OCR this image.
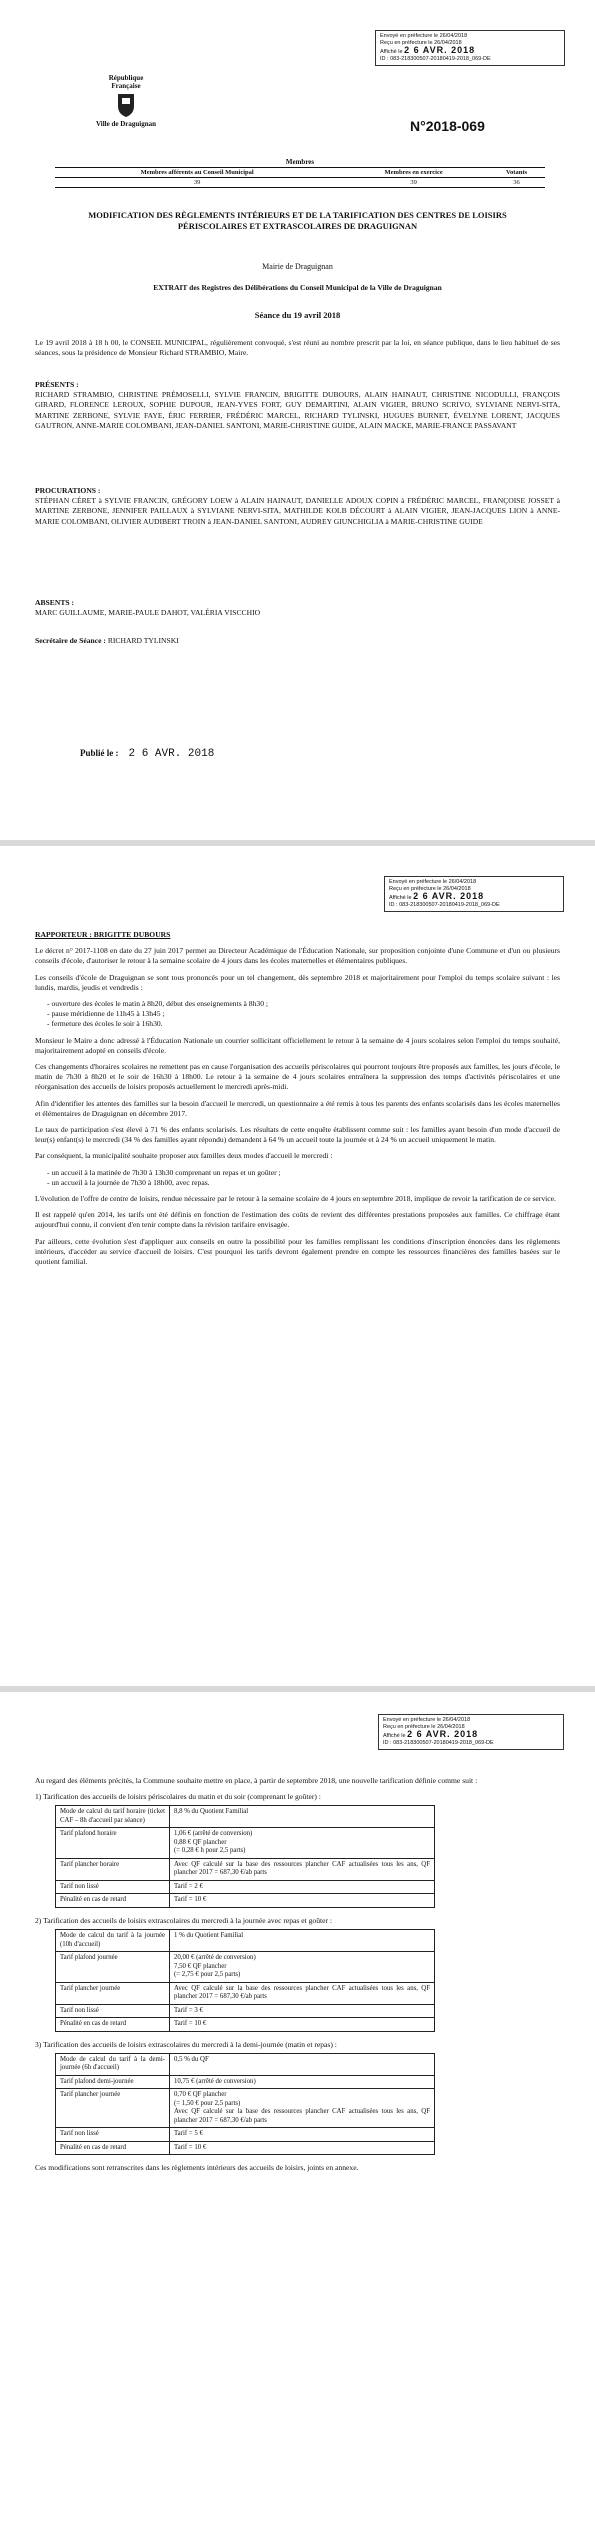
Envoyé en préfecture le 26/04/2018
Reçu en préfecture le 26/04/2018
Affiché le 2 6 AVR. 2018
ID : 083-218300507-20180419-2018_069-DE
République Française
Ville de Draguignan	N°2018-069
Membres
Membres afférents au Conseil Municipal	Membres en exercice	Votants
39	39	36
MODIFICATION DES RÈGLEMENTS INTÉRIEURS ET DE LA TARIFICATION DES CENTRES DE LOISIRS PÉRISCOLAIRES ET EXTRASCOLAIRES DE DRAGUIGNAN
Mairie de Draguignan
EXTRAIT des Registres des Délibérations du Conseil Municipal de la Ville de Draguignan
Séance du 19 avril 2018

Le 19 avril 2018 à 18 h 00, le CONSEIL MUNICIPAL, régulièrement convoqué, s'est réuni au nombre prescrit par la loi, en séance publique, dans le lieu habituel de ses séances, sous la présidence de Monsieur Richard STRAMBIO, Maire.

PRÉSENTS :

RICHARD STRAMBIO, CHRISTINE PRÉMOSELLI, SYLVIE FRANCIN, BRIGITTE DUBOURS, ALAIN HAINAUT, CHRISTINE NICODULLI, FRANÇOIS GIRARD, FLORENCE LEROUX, SOPHIE DUPOUR, JEAN-YVES FORT, GUY DEMARTINI, ALAIN VIGIER, BRUNO SCRIVO, SYLVIANE NERVI-SITA, MARTINE ZERBONE, SYLVIE FAYE, ÉRIC FERRIER, FRÉDÉRIC MARCEL, RICHARD TYLINSKI, HUGUES BURNET, ÉVELYNE LORENT, JACQUES GAUTRON, ANNE-MARIE COLOMBANI, JEAN-DANIEL SANTONI, MARIE-CHRISTINE GUIDE, ALAIN MACKE, MARIE-FRANCE PASSAVANT

PROCURATIONS :

STÉPHAN CÉRET à SYLVIE FRANCIN, GRÉGORY LOEW à ALAIN HAINAUT, DANIELLE ADOUX COPIN à FRÉDÉRIC MARCEL, FRANÇOISE JOSSET à MARTINE ZERBONE, JENNIFER PAILLAUX à SYLVIANE NERVI-SITA, MATHILDE KOLB DÉCOURT à ALAIN VIGIER, JEAN-JACQUES LION à ANNE-MARIE COLOMBANI, OLIVIER AUDIBERT TROIN à JEAN-DANIEL SANTONI, AUDREY GIUNCHIGLIA à MARIE-CHRISTINE GUIDE

ABSENTS :

MARC GUILLAUME, MARIE-PAULE DAHOT, VALÉRIA VISCCHIO

Secrétaire de Séance : RICHARD TYLINSKI
Publié le : 2 6 AVR. 2018
Envoyé en préfecture le 26/04/2018
Reçu en préfecture le 26/04/2018
Affiché le 2 6 AVR. 2018
ID : 083-218300507-20180419-2018_069-DE

RAPPORTEUR : BRIGITTE DUBOURS

Le décret n° 2017-1108 en date du 27 juin 2017 permet au Directeur Académique de l'Éducation Nationale, sur proposition conjointe d'une Commune et d'un ou plusieurs conseils d'école, d'autoriser le retour à la semaine scolaire de 4 jours dans les écoles maternelles et élémentaires publiques.

Les conseils d'école de Draguignan se sont tous prononcés pour un tel changement, dès septembre 2018 et majoritairement pour l'emploi du temps scolaire suivant : les lundis, mardis, jeudis et vendredis :

- ouverture des écoles le matin à 8h20, début des enseignements à 8h30 ;
- pause méridienne de 11h45 à 13h45 ;
- fermeture des écoles le soir à 16h30.

Monsieur le Maire a donc adressé à l'Éducation Nationale un courrier sollicitant officiellement le retour à la semaine de 4 jours scolaires selon l'emploi du temps souhaité, majoritairement adopté en conseils d'école.

Ces changements d'horaires scolaires ne remettent pas en cause l'organisation des accueils périscolaires qui pourront toujours être proposés aux familles, les jours d'école, le matin de 7h30 à 8h20 et le soir de 16h30 à 18h00. Le retour à la semaine de 4 jours scolaires entraînera la suppression des temps d'activités périscolaires et une réorganisation des accueils de loisirs proposés actuellement le mercredi après-midi.

Afin d'identifier les attentes des familles sur la besoin d'accueil le mercredi, un questionnaire a été remis à tous les parents des enfants scolarisés dans les écoles maternelles et élémentaires de Draguignan en décembre 2017.

Le taux de participation s'est élevé à 71 % des enfants scolarisés. Les résultats de cette enquête établissent comme suit : les familles ayant besoin d'un mode d'accueil de leur(s) enfant(s) le mercredi (34 % des familles ayant répondu) demandent à 64 % un accueil toute la journée et à 24 % un accueil uniquement le matin.

Par conséquent, la municipalité souhaite proposer aux familles deux modes d'accueil le mercredi :

- un accueil à la matinée de 7h30 à 13h30 comprenant un repas et un goûter ;
- un accueil à la journée de 7h30 à 18h00, avec repas.

L'évolution de l'offre de centre de loisirs, rendue nécessaire par le retour à la semaine scolaire de 4 jours en septembre 2018, implique de revoir la tarification de ce service.

Il est rappelé qu'en 2014, les tarifs ont été définis en fonction de l'estimation des coûts de revient des différentes prestations proposées aux familles. Ce chiffrage étant aujourd'hui connu, il convient d'en tenir compte dans la révision tarifaire envisagée.

Par ailleurs, cette évolution s'est d'appliquer aux conseils en outre la possibilité pour les familles remplissant les conditions d'inscription énoncées dans les règlements intérieurs, d'accéder au service d'accueil de loisirs. C'est pourquoi les tarifs devront également prendre en compte les ressources financières des familles basées sur le quotient familial.

Envoyé en préfecture le 26/04/2018
Reçu en préfecture le 26/04/2018
Affiché le 2 6 AVR. 2018
ID : 083-218300507-20180419-2018_069-DE

Au regard des éléments précités, la Commune souhaite mettre en place, à partir de septembre 2018, une nouvelle tarification définie comme suit :

1) Tarification des accueils de loisirs périscolaires du matin et du soir (comprenant le goûter) :

Mode de calcul du tarif horaire (ticket CAF – 8h d'accueil par séance)	8,8 % du Quotient Familial
Tarif plafond horaire	1,06 € (arrêté de conversion)
0,88 € QF plancher
(= 0,28 € h pour 2,5 parts)
Tarif plancher horaire	Avec QF calculé sur la base des ressources plancher CAF actualisées tous les ans, QF plancher 2017 = 687,30 €/ab parts
Tarif non lissé	Tarif = 2 €
Pénalité en cas de retard	Tarif = 10 €

2) Tarification des accueils de loisirs extrascolaires du mercredi à la journée avec repas et goûter :

Mode de calcul du tarif à la journée (10h d'accueil)	1 % du Quotient Familial
Tarif plafond journée	20,00 € (arrêté de conversion)
7,50 € QF plancher
(= 2,75 € pour 2,5 parts)
Tarif plancher journée	Avec QF calculé sur la base des ressources plancher CAF actualisées tous les ans, QF plancher 2017 = 687,30 €/ab parts
Tarif non lissé	Tarif = 3 €
Pénalité en cas de retard	Tarif = 10 €

3) Tarification des accueils de loisirs extrascolaires du mercredi à la demi-journée (matin et repas) :

Mode de calcul du tarif à la demi-journée (6h d'accueil)	0,5 % du QF
Tarif plafond demi-journée	10,75 € (arrêté de conversion)
Tarif plancher journée	0,70 € QF plancher
(= 1,50 € pour 2,5 parts)
Avec QF calculé sur la base des ressources plancher CAF actualisées tous les ans, QF plancher 2017 = 687,30 €/ab parts
Tarif non lissé	Tarif = 5 €
Pénalité en cas de retard	Tarif = 10 €

Ces modifications sont retranscrites dans les règlements intérieurs des accueils de loisirs, joints en annexe.
